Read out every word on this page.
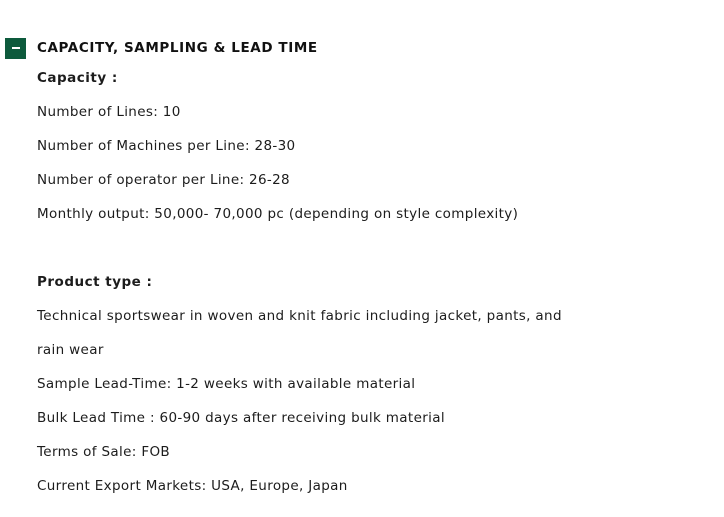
CAPACITY, SAMPLING & LEAD TIME
Capacity :
Number of Lines: 10
Number of Machines per Line: 28-30
Number of operator per Line: 26-28
Monthly output: 50,000- 70,000 pc (depending on style complexity)
Product type :
Technical sportswear in woven and knit fabric including jacket, pants, and
rain wear
Sample Lead-Time: 1-2 weeks with available material
Bulk Lead Time : 60-90 days after receiving bulk material
Terms of Sale: FOB
Current Export Markets: USA, Europe, Japan
